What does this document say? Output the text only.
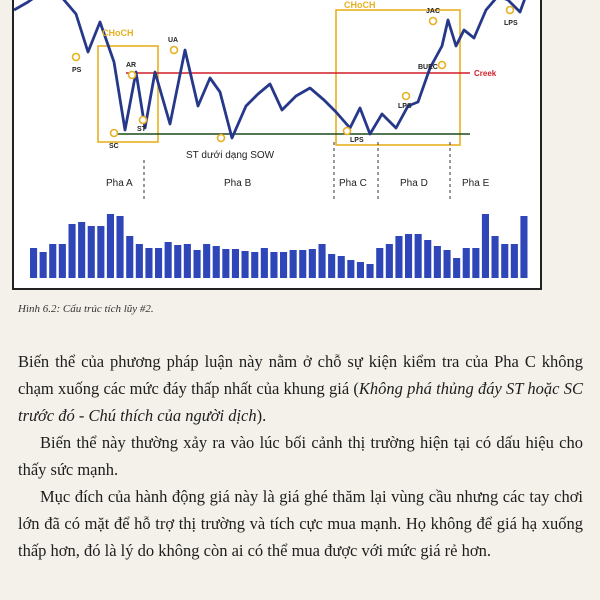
CHoCH
CHoCH
PS
SC
AR
ST
UA
ST dưới dạng SOW
LPS
LPS
JAC
BUEC
LPS
Creek
Pha A	Pha B	Pha C	Pha D	Pha E
Hình 6.2: Cấu trúc tích lũy #2.

Biến thể của phương pháp luận này nằm ở chỗ sự kiện kiểm tra của Pha C không chạm xuống các mức đáy thấp nhất của khung giá (Không phá thủng đáy ST hoặc SC trước đó - Chú thích của người dịch).

Biến thể này thường xảy ra vào lúc bối cảnh thị trường hiện tại có dấu hiệu cho thấy sức mạnh.

Mục đích của hành động giá này là giá ghé thăm lại vùng cầu nhưng các tay chơi lớn đã có mặt để hỗ trợ thị trường và tích cực mua mạnh. Họ không để giá hạ xuống thấp hơn, đó là lý do không còn ai có thể mua được với mức giá rẻ hơn.
